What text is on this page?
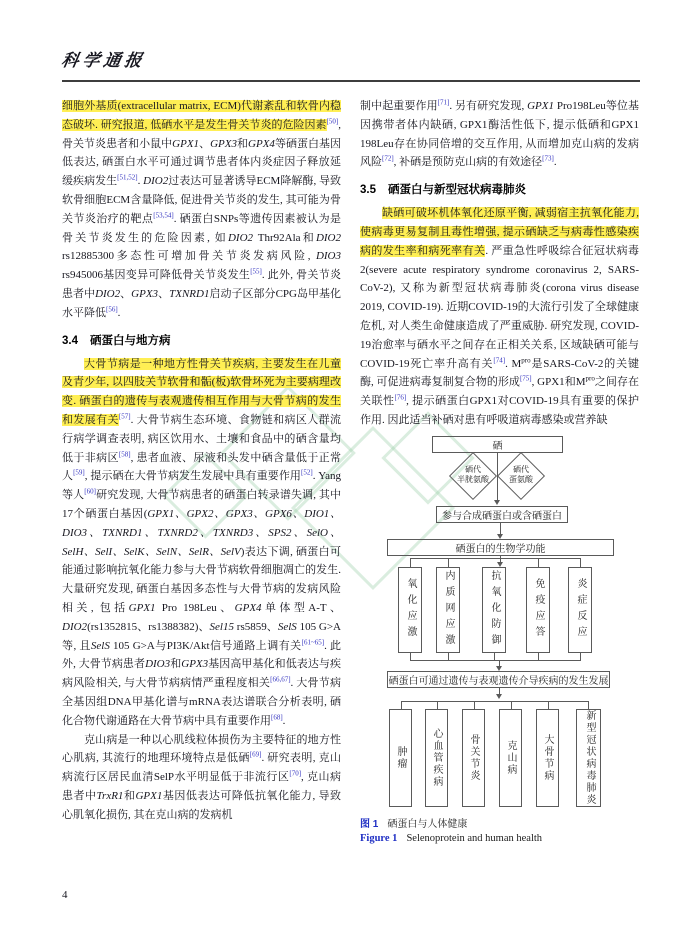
科学通报

细胞外基质(extracellular matrix, ECM)代谢紊乱和软骨内稳态破坏. 研究报道, 低硒水平是发生骨关节炎的危险因素[50], 骨关节炎患者和小鼠中GPX1、GPX3和GPX4等硒蛋白基因低表达, 硒蛋白水平可通过调节患者体内炎症因子释放延缓疾病发生[51,52]. DIO2过表达可显著诱导ECM降解酶, 导致软骨细胞ECM含量降低, 促进骨关节炎的发生, 其可能为骨关节炎治疗的靶点[53,54]. 硒蛋白SNPs等遗传因素被认为是骨关节炎发生的危险因素, 如DIO2 Thr92Ala和DIO2 rs12885300多态性可增加骨关节炎发病风险, DIO3 rs945006基因变异可降低骨关节炎发生[55]. 此外, 骨关节炎患者中DIO2、GPX3、TXNRD1启动子区部分CPG岛甲基化水平降低[56].

3.4 硒蛋白与地方病

大骨节病是一种地方性骨关节疾病, 主要发生在儿童及青少年, 以四肢关节软骨和骺(板)软骨坏死为主要病理改变. 硒蛋白的遗传与表观遗传相互作用与大骨节病的发生和发展有关[57]. 大骨节病生态环境、食物链和病区人群流行病学调查表明, 病区饮用水、土壤和食品中的硒含量均低于非病区[58], 患者血液、尿液和头发中硒含量低于正常人[59], 提示硒在大骨节病发生发展中具有重要作用[52]. Yang等人[60]研究发现, 大骨节病患者的硒蛋白转录谱失调, 其中17个硒蛋白基因(GPX1、GPX2、GPX3、GPX6、DIO1、DIO3、TXNRD1、TXNRD2、TXNRD3、SPS2、SelO、SelH、SelI、SelK、SelN、SelR、SelV)表达下调, 硒蛋白可能通过影响抗氧化能力参与大骨节病软骨细胞凋亡的发生. 大量研究发现, 硒蛋白基因多态性与大骨节病的发病风险相关, 包括GPX1 Pro 198Leu、GPX4单体型A-T、DIO2(rs1352815、rs1388382)、Sel15 rs5859、SelS 105 G>A等, 且SelS 105 G>A与PI3K/Akt信号通路上调有关[61~65]. 此外, 大骨节病患者DIO3和GPX3基因高甲基化和低表达与疾病风险相关, 与大骨节病病情严重程度相关[66,67]. 大骨节病全基因组DNA甲基化谱与mRNA表达谱联合分析表明, 硒化合物代谢通路在大骨节病中具有重要作用[68].

克山病是一种以心肌线粒体损伤为主要特征的地方性心肌病, 其流行的地理环境特点是低硒[69]. 研究表明, 克山病流行区居民血清SelP水平明显低于非流行区[70], 克山病患者中TrxR1和GPX1基因低表达可降低抗氧化能力, 导致心肌氧化损伤, 其在克山病的发病机

制中起重要作用[71]. 另有研究发现, GPX1 Pro198Leu等位基因携带者体内缺硒, GPX1酶活性低下, 提示低硒和GPX1 198Leu存在协同倍增的交互作用, 从而增加克山病的发病风险[72], 补硒是预防克山病的有效途径[73].

3.5 硒蛋白与新型冠状病毒肺炎

缺硒可破坏机体氧化还原平衡, 减弱宿主抗氧化能力, 使病毒更易复制且毒性增强, 提示硒缺乏与病毒性感染疾病的发生率和病死率有关. 严重急性呼吸综合征冠状病毒2(severe acute respiratory syndrome coronavirus 2, SARS-CoV-2), 又称为新型冠状病毒肺炎(corona virus disease 2019, COVID-19). 近期COVID-19的大流行引发了全球健康危机, 对人类生命健康造成了严重威胁. 研究发现, COVID-19治愈率与硒水平之间存在正相关关系, 区域缺硒可能与COVID-19死亡率升高有关[74]. $M^{pro}$是SARS-CoV-2的关键酶, 可促进病毒复制复合物的形成[75], GPX1和$M^{pro}$之间存在关联性[76], 提示硒蛋白GPX1对COVID-19具有重要的保护作用. 因此适当补硒对患有呼吸道病毒感染或营养缺

硒
硒代
半胱氨酸
硒代
蛋氨酸
参与合成硒蛋白或含硒蛋白
硒蛋白的生物学功能
氧化应激	内质网应激	抗氧化防御	免疫应答	炎症反应
硒蛋白可通过遗传与表观遗传介导疾病的发生发展
肿瘤	心血管疾病	骨关节炎	克山病	大骨节病	新型冠状病毒肺炎
图 1 硒蛋白与人体健康
Figure 1 Selenoprotein and human health
4
